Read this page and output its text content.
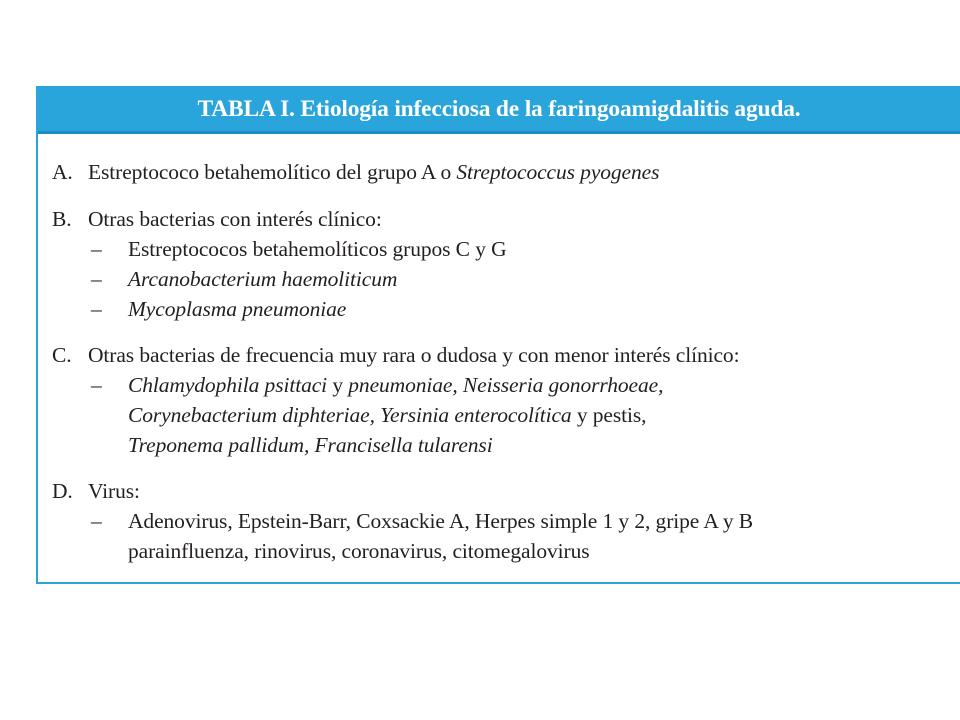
TABLA I. Etiología infecciosa de la faringoamigdalitis aguda.
A. Estreptococo betahemolítico del grupo A o Streptococcus pyogenes
B. Otras bacterias con interés clínico:
–	Estreptococos betahemolíticos grupos C y G
–	Arcanobacterium haemoliticum
–	Mycoplasma pneumoniae
C. Otras bacterias de frecuencia muy rara o dudosa y con menor interés clínico:
–	Chlamydophila psittaci y pneumoniae, Neisseria gonorrhoeae,
Corynebacterium diphteriae, Yersinia enterocolítica y pestis,
Treponema pallidum, Francisella tularensi
D. Virus:
–	Adenovirus, Epstein-Barr, Coxsackie A, Herpes simple 1 y 2, gripe A y B
parainfluenza, rinovirus, coronavirus, citomegalovirus
